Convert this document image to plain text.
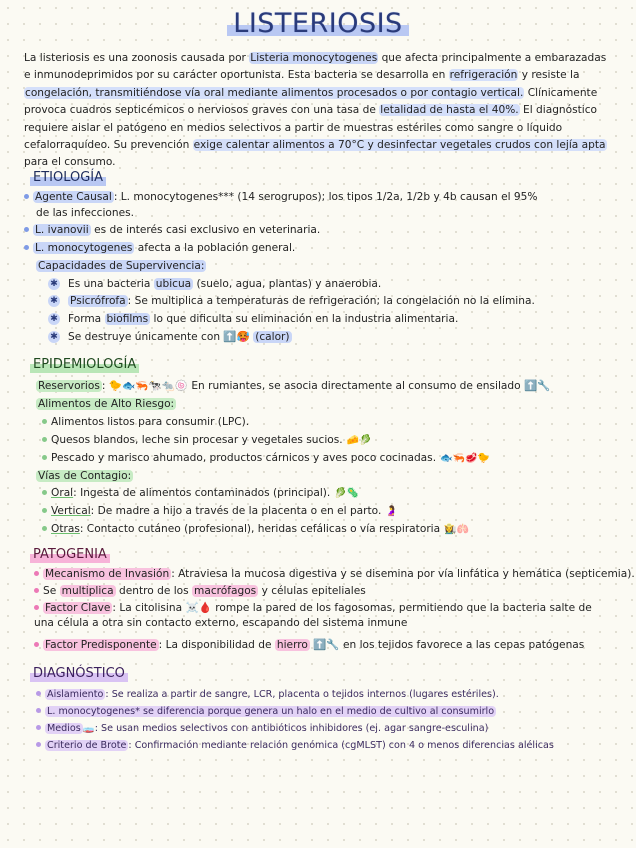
LISTERIOSIS

La listeriosis es una zoonosis causada por Listeria monocytogenes que afecta principalmente a embarazadas e inmunodeprimidos por su carácter oportunista. Esta bacteria se desarrolla en refrigeración y resiste la congelación, transmitiéndose vía oral mediante alimentos procesados o por contagio vertical. Clínicamente provoca cuadros septicémicos o nerviosos graves con una tasa de letalidad de hasta el 40%. El diagnóstico requiere aislar el patógeno en medios selectivos a partir de muestras estériles como sangre o líquido cefalorraquídeo. Su prevención exige calentar alimentos a 70°C y desinfectar vegetales crudos con lejía apta para el consumo.

ETIOLOGÍA
Agente Causal : L. monocytogenes*** (14 serogrupos); los tipos 1/2a, 1/2b y 4b causan el 95%
de las infecciones.
L. ivanovii es de interés casi exclusivo en veterinaria.
L. monocytogenes afecta a la población general.
Capacidades de Supervivencia:
✱ Es una bacteria ubicua (suelo, agua, plantas) y anaerobia.
✱ Psicrófrofa : Se multiplica a temperaturas de refrigeración; la congelación no la elimina.
✱ Forma biofilms lo que dificulta su eliminación en la industria alimentaria.
✱ Se destruye únicamente con ⬆️🥵 (calor)
EPIDEMIOLOGÍA
Reservorios : 🐤🐟🦐🐄🐀🍥 En rumiantes, se asocia directamente al consumo de ensilado ⬆️🔧
Alimentos de Alto Riesgo:
Alimentos listos para consumir (LPC).
Quesos blandos, leche sin procesar y vegetales sucios. 🧀🥬
Pescado y marisco ahumado, productos cárnicos y aves poco cocinadas. 🐟🦐🥩🐤
Vías de Contagio:
Oral: Ingesta de alimentos contaminados (principal). 🥬🦠
Vertical: De madre a hijo a través de la placenta o en el parto. 🤰
Otras: Contacto cutáneo (profesional), heridas cefálicas o vía respiratoria 👩‍🌾🫁
PATOGENIA
Mecanismo de Invasión : Atraviesa la mucosa digestiva y se disemina por vía linfática y hemática (septicemia).
Se multiplica dentro de los macrófagos y células epiteliales
Factor Clave : La citolisina ☠️🩸 rompe la pared de los fagosomas, permitiendo que la bacteria salte de una célula a otra sin contacto externo, escapando del sistema inmune
Factor Predisponente : La disponibilidad de hierro ⬆️🔧 en los tejidos favorece a las cepas patógenas
DIAGNÓSTICO
Aislamiento : Se realiza a partir de sangre, LCR, placenta o tejidos internos (lugares estériles).
L. monocytogenes* se diferencia porque genera un halo en el medio de cultivo al consumirlo
Medios 🧫: Se usan medios selectivos con antibióticos inhibidores (ej. agar sangre-esculina)
Criterio de Brote : Confirmación mediante relación genómica (cgMLST) con 4 o menos diferencias alélicas
